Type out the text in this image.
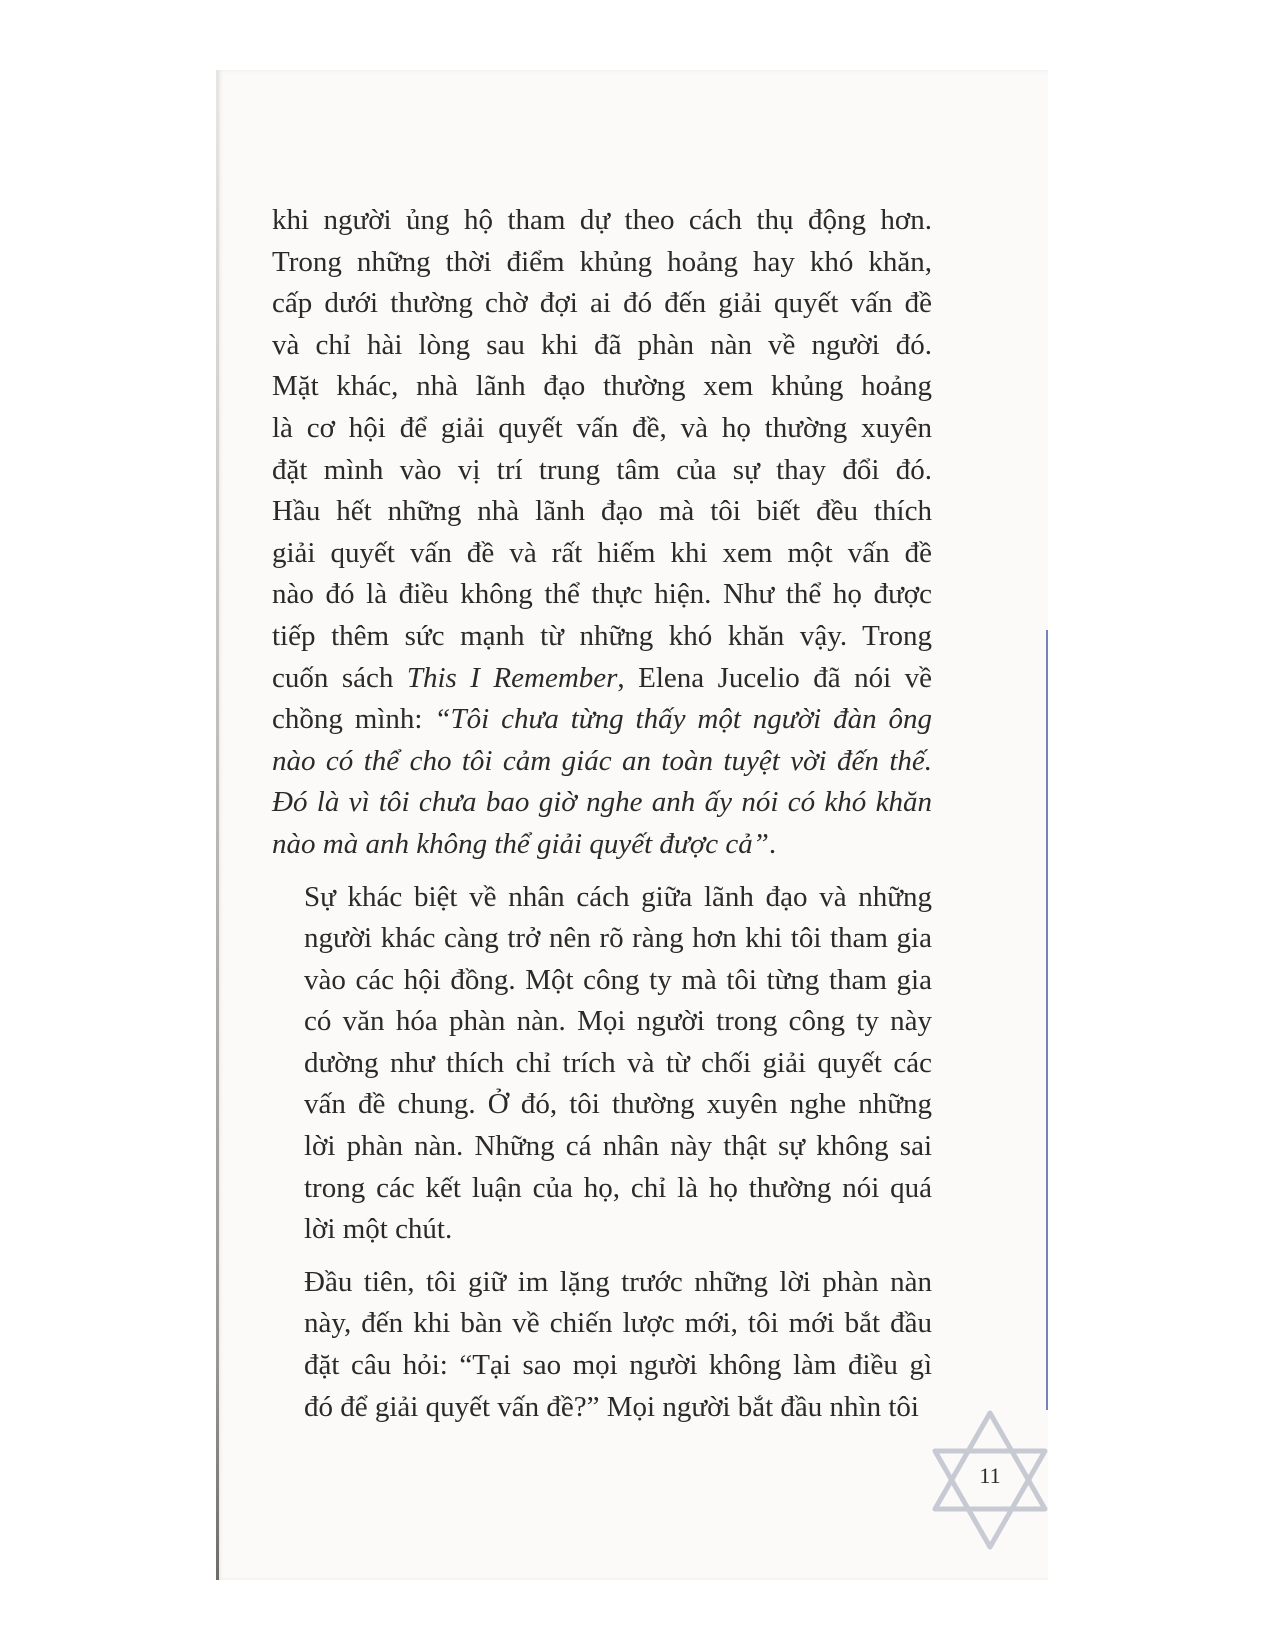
khi người ủng hộ tham dự theo cách thụ động hơn.
Trong những thời điểm khủng hoảng hay khó khăn,
cấp dưới thường chờ đợi ai đó đến giải quyết vấn đề
và chỉ hài lòng sau khi đã phàn nàn về người đó.
Mặt khác, nhà lãnh đạo thường xem khủng hoảng
là cơ hội để giải quyết vấn đề, và họ thường xuyên
đặt mình vào vị trí trung tâm của sự thay đổi đó.
Hầu hết những nhà lãnh đạo mà tôi biết đều thích
giải quyết vấn đề và rất hiếm khi xem một vấn đề
nào đó là điều không thể thực hiện. Như thể họ được
tiếp thêm sức mạnh từ những khó khăn vậy. Trong
cuốn sách This I Remember, Elena Jucelio đã nói về
chồng mình: “Tôi chưa từng thấy một người đàn ông
nào có thể cho tôi cảm giác an toàn tuyệt vời đến thế.
Đó là vì tôi chưa bao giờ nghe anh ấy nói có khó khăn
nào mà anh không thể giải quyết được cả”.

Sự khác biệt về nhân cách giữa lãnh đạo và những
người khác càng trở nên rõ ràng hơn khi tôi tham gia
vào các hội đồng. Một công ty mà tôi từng tham gia
có văn hóa phàn nàn. Mọi người trong công ty này
dường như thích chỉ trích và từ chối giải quyết các
vấn đề chung. Ở đó, tôi thường xuyên nghe những
lời phàn nàn. Những cá nhân này thật sự không sai
trong các kết luận của họ, chỉ là họ thường nói quá
lời một chút.

Đầu tiên, tôi giữ im lặng trước những lời phàn nàn
này, đến khi bàn về chiến lược mới, tôi mới bắt đầu
đặt câu hỏi: “Tại sao mọi người không làm điều gì
đó để giải quyết vấn đề?” Mọi người bắt đầu nhìn tôi

11
